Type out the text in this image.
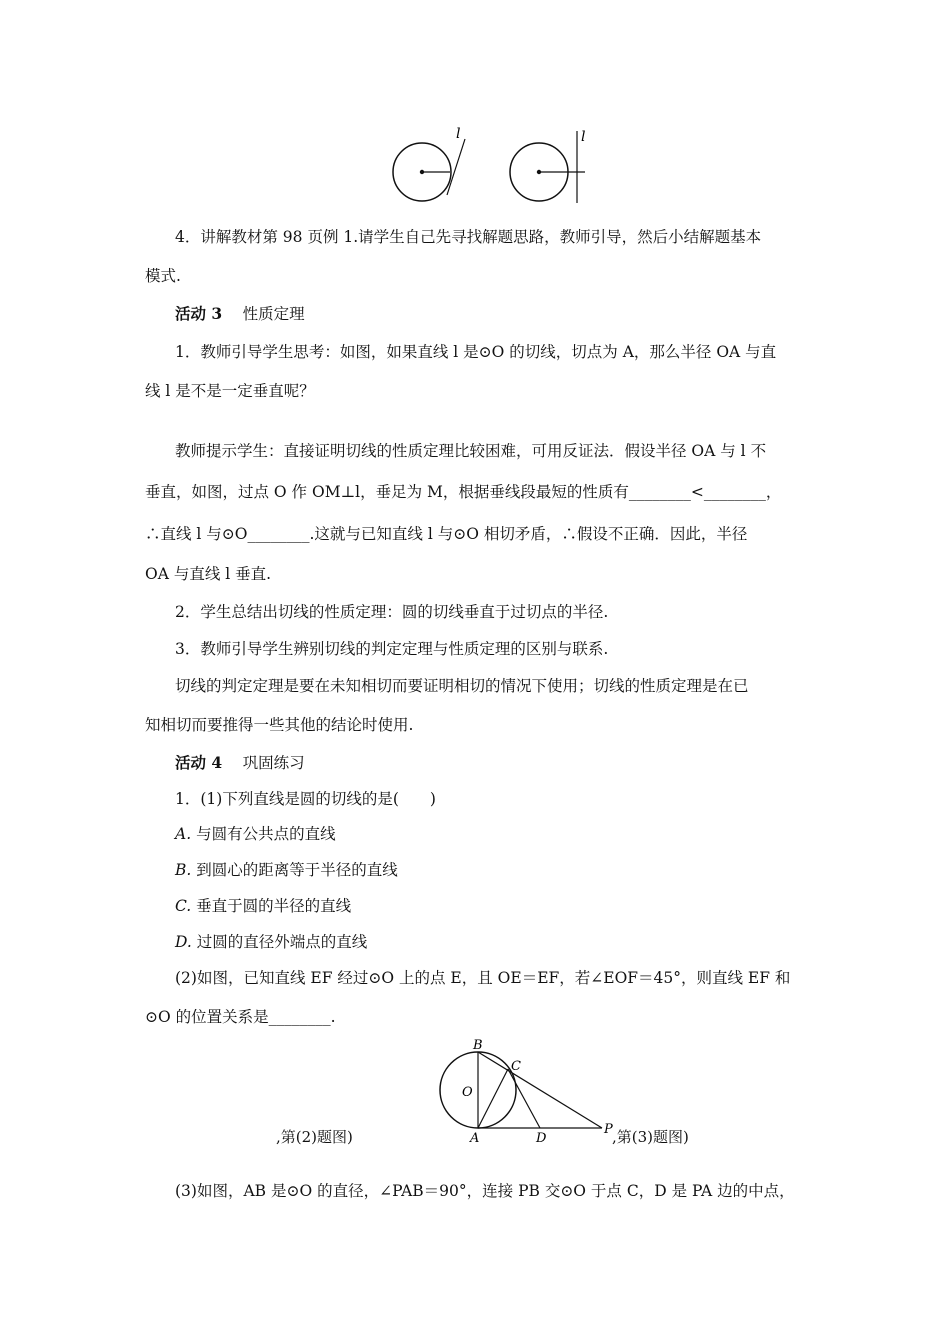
l	l
4．讲解教材第 98 页例 1.请学生自己先寻找解题思路，教师引导，然后小结解题基本
模式.
活动 3　 性质定理
1．教师引导学生思考：如图，如果直线 l 是⊙O 的切线，切点为 A，那么半径 OA 与直
线 l 是不是一定垂直呢？
教师提示学生：直接证明切线的性质定理比较困难，可用反证法．假设半径 OA 与 l 不
垂直，如图，过点 O 作 OM⊥l，垂足为 M，根据垂线段最短的性质有________<________，
∴直线 l 与⊙O________.这就与已知直线 l 与⊙O 相切矛盾，∴假设不正确．因此，半径
OA 与直线 l 垂直.
2．学生总结出切线的性质定理：圆的切线垂直于过切点的半径.
3．教师引导学生辨别切线的判定定理与性质定理的区别与联系.
切线的判定定理是要在未知相切而要证明相切的情况下使用；切线的性质定理是在已
知相切而要推得一些其他的结论时使用.
活动 4　 巩固练习
1．(1)下列直线是圆的切线的是(　　)
A. 与圆有公共点的直线
B. 到圆心的距离等于半径的直线
C. 垂直于圆的半径的直线
D. 过圆的直径外端点的直线
(2)如图，已知直线 EF 经过⊙O 上的点 E，且 OE＝EF，若∠EOF＝45°，则直线 EF 和
⊙O 的位置关系是________.
B
C
O
A	D
P
,第(2)题图)	,第(3)题图)
(3)如图，AB 是⊙O 的直径，∠PAB＝90°，连接 PB 交⊙O 于点 C，D 是 PA 边的中点，
